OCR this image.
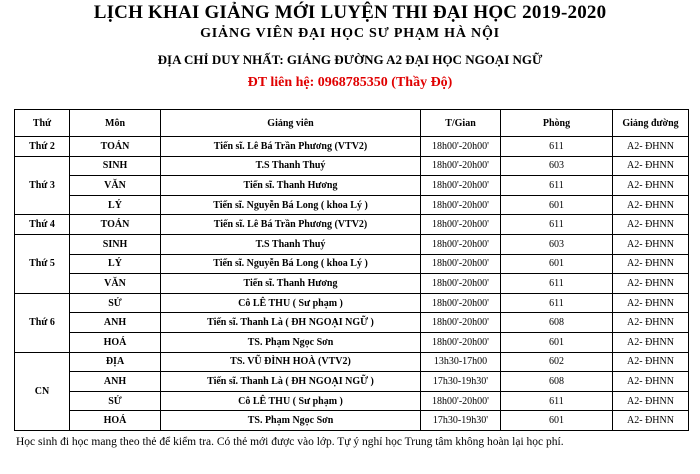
LỊCH KHAI GIẢNG MỚI LUYỆN THI ĐẠI HỌC 2019-2020
GIẢNG VIÊN ĐẠI HỌC SƯ PHẠM HÀ NỘI
ĐỊA CHỈ DUY NHẤT: GIẢNG ĐƯỜNG A2 ĐẠI HỌC NGOẠI NGỮ
ĐT liên hệ: 0968785350 (Thầy Độ)
Thứ	Môn	Giảng viên	T/Gian	Phòng	Giảng đường
Thứ 2	TOÁN	Tiến sĩ. Lê Bá Trần Phương (VTV2)	18h00'-20h00'	611	A2- ĐHNN
Thứ 3	SINH	T.S Thanh Thuý	18h00'-20h00'	603	A2- ĐHNN
	VĂN	Tiến sĩ. Thanh Hương	18h00'-20h00'	611	A2- ĐHNN
	LÝ	Tiến sĩ. Nguyễn Bá Long ( khoa Lý )	18h00'-20h00'	601	A2- ĐHNN
Thứ 4	TOÁN	Tiến sĩ. Lê Bá Trần Phương (VTV2)	18h00'-20h00'	611	A2- ĐHNN
Thứ 5	SINH	T.S Thanh Thuý	18h00'-20h00'	603	A2- ĐHNN
	LÝ	Tiến sĩ. Nguyễn Bá Long ( khoa Lý )	18h00'-20h00'	601	A2- ĐHNN
	VĂN	Tiến sĩ. Thanh Hương	18h00'-20h00'	611	A2- ĐHNN
Thứ 6	SỬ	Cô LÊ THU ( Sư phạm )	18h00'-20h00'	611	A2- ĐHNN
	ANH	Tiến sĩ. Thanh Là ( ĐH NGOẠI NGỮ )	18h00'-20h00'	608	A2- ĐHNN
	HOÁ	TS. Phạm Ngọc Sơn	18h00'-20h00'	601	A2- ĐHNN
CN	ĐỊA	TS. VŨ ĐÌNH HOÀ (VTV2)	13h30-17h00	602	A2- ĐHNN
	ANH	Tiến sĩ. Thanh Là ( ĐH NGOẠI NGỮ )	17h30-19h30'	608	A2- ĐHNN
	SỬ	Cô LÊ THU ( Sư phạm )	18h00'-20h00'	611	A2- ĐHNN
	HOÁ	TS. Phạm Ngọc Sơn	17h30-19h30'	601	A2- ĐHNN
Học sinh đi học mang theo thẻ để kiểm tra. Có thẻ mới được vào lớp. Tự ý nghỉ học Trung tâm không hoàn lại học phí.
